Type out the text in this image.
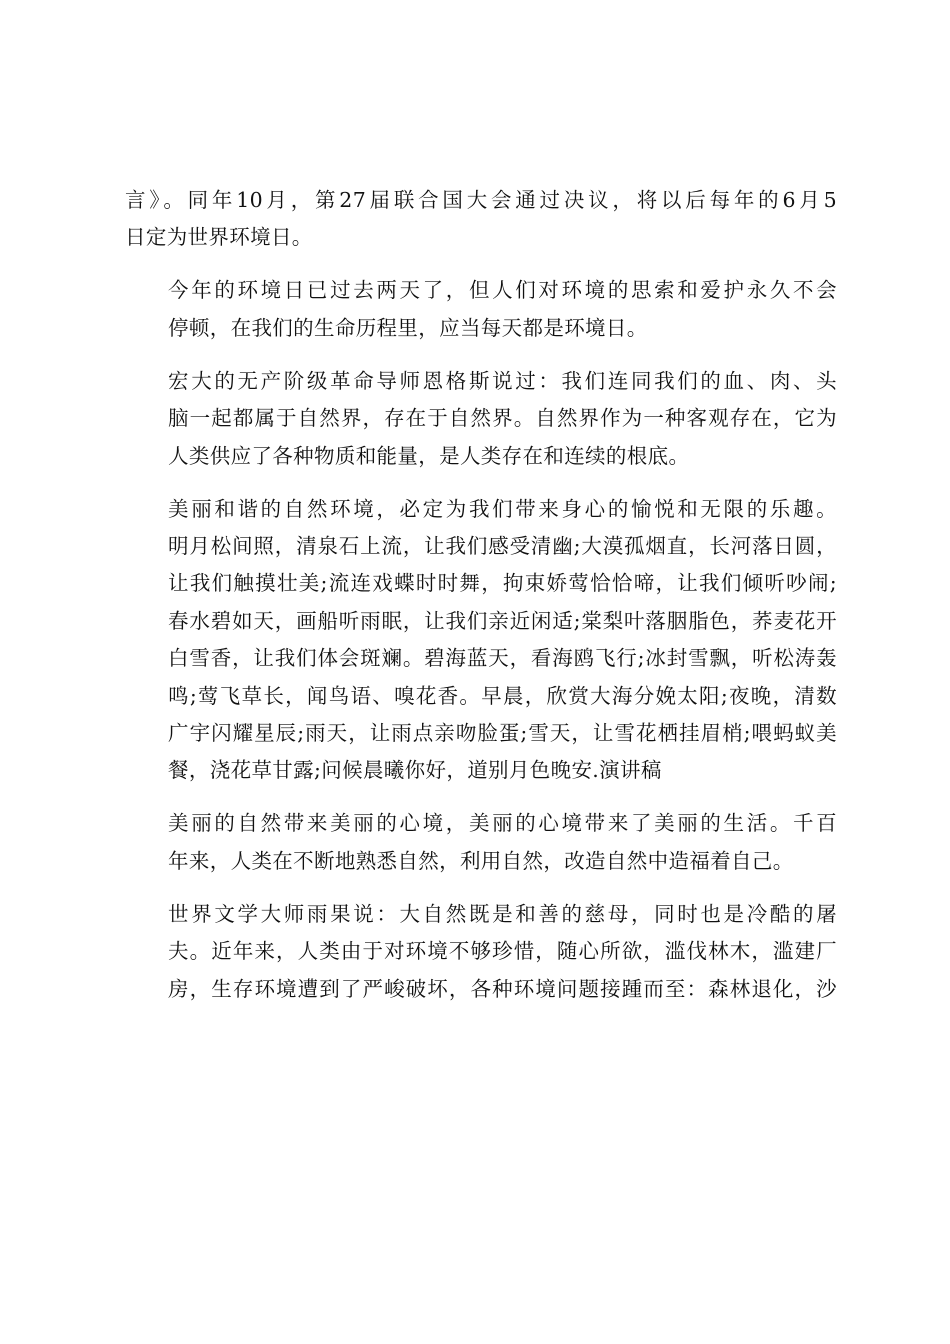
言》。同年10月，第27届联合国大会通过决议，将以后每年的6月5
日定为世界环境日。

今年的环境日已过去两天了，但人们对环境的思索和爱护永久不会
停顿，在我们的生命历程里，应当每天都是环境日。

宏大的无产阶级革命导师恩格斯说过：我们连同我们的血、肉、头
脑一起都属于自然界，存在于自然界。自然界作为一种客观存在，它为
人类供应了各种物质和能量，是人类存在和连续的根底。

美丽和谐的自然环境，必定为我们带来身心的愉悦和无限的乐趣。
明月松间照，清泉石上流，让我们感受清幽;大漠孤烟直，长河落日圆，
让我们触摸壮美;流连戏蝶时时舞，拘束娇莺恰恰啼，让我们倾听吵闹;
春水碧如天，画船听雨眠，让我们亲近闲适;棠梨叶落胭脂色，荞麦花开
白雪香，让我们体会斑斓。碧海蓝天，看海鸥飞行;冰封雪飘，听松涛轰
鸣;莺飞草长，闻鸟语、嗅花香。早晨，欣赏大海分娩太阳;夜晚，清数
广宇闪耀星辰;雨天，让雨点亲吻脸蛋;雪天，让雪花栖挂眉梢;喂蚂蚁美
餐，浇花草甘露;问候晨曦你好，道别月色晚安.演讲稿

美丽的自然带来美丽的心境，美丽的心境带来了美丽的生活。千百
年来，人类在不断地熟悉自然，利用自然，改造自然中造福着自己。

世界文学大师雨果说：大自然既是和善的慈母，同时也是冷酷的屠
夫。近年来，人类由于对环境不够珍惜，随心所欲，滥伐林木，滥建厂
房，生存环境遭到了严峻破坏，各种环境问题接踵而至：森林退化，沙
